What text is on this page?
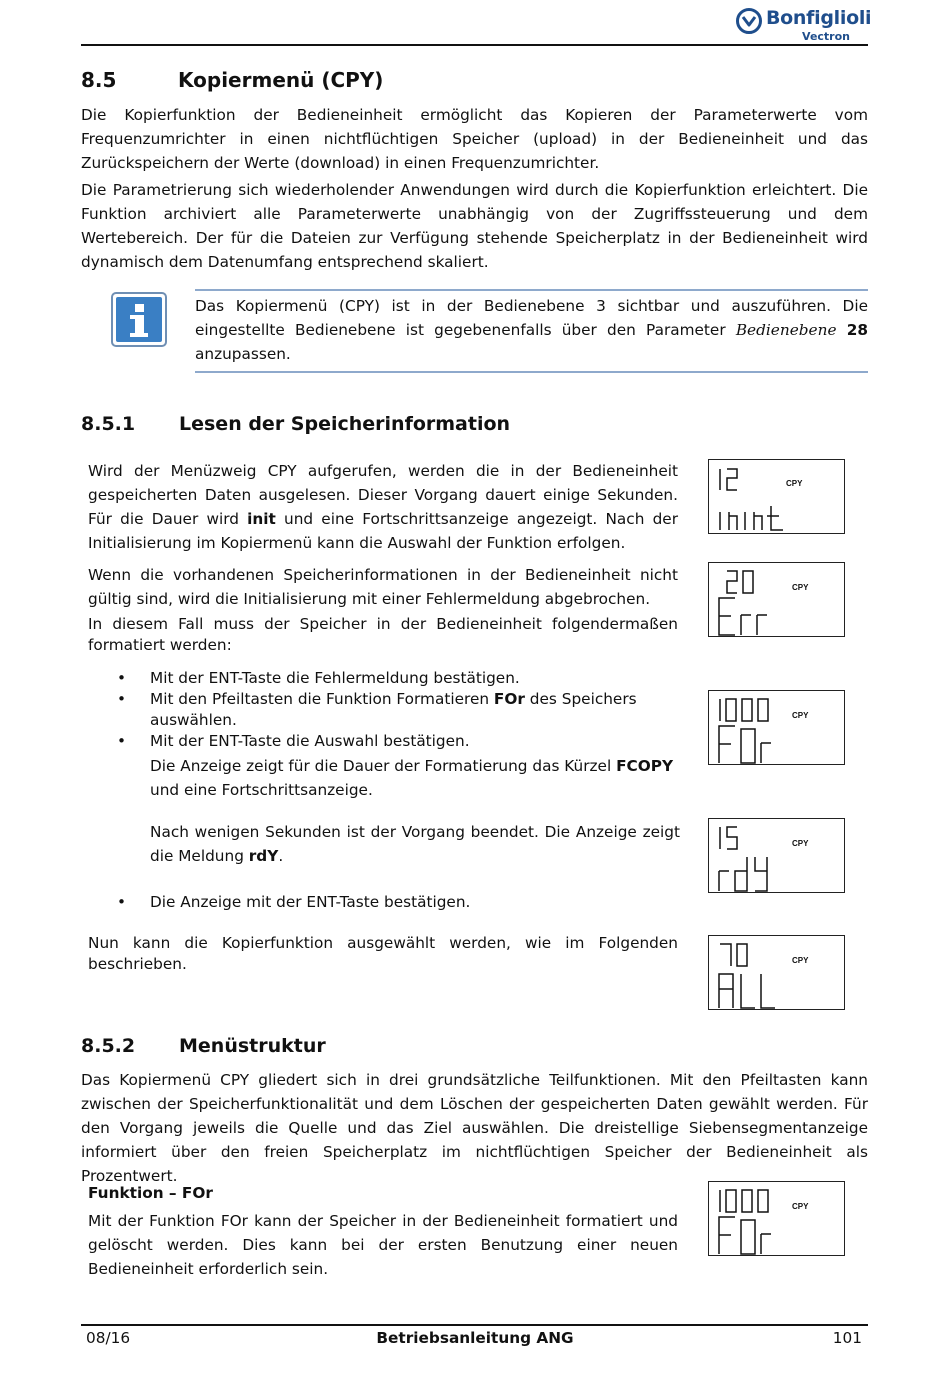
Bonfiglioli
Vectron
8.5	Kopiermenü (CPY)

Die Kopierfunktion der Bedieneinheit ermöglicht das Kopieren der Parameterwerte vom Frequenzumrichter in einen nichtflüchtigen Speicher (upload) in der Bedieneinheit und das Zurückspeichern der Werte (download) in einen Frequenzumrichter.

Die Parametrierung sich wiederholender Anwendungen wird durch die Kopierfunktion erleichtert. Die Funktion archiviert alle Parameterwerte unabhängig von der Zugriffssteuerung und dem Wertebereich. Der für die Dateien zur Verfügung stehende Speicherplatz in der Bedieneinheit wird dynamisch dem Datenumfang entsprechend skaliert.

Das Kopiermenü (CPY) ist in der Bedienebene 3 sichtbar und auszuführen. Die eingestellte Bedienebene ist gegebenenfalls über den Parameter Bedienebene 28 anzupassen.

8.5.1 Lesen der Speicherinformation

Wird der Menüzweig CPY aufgerufen, werden die in der Bedieneinheit gespeicherten Daten ausgelesen. Dieser Vorgang dauert einige Sekunden. Für die Dauer wird init und eine Fortschrittsanzeige angezeigt. Nach der Initialisierung im Kopiermenü kann die Auswahl der Funktion erfolgen.

Wenn die vorhandenen Speicherinformationen in der Bedieneinheit nicht gültig sind, wird die Initialisierung mit einer Fehlermeldung abgebrochen.

In diesem Fall muss der Speicher in der Bedieneinheit folgendermaßen formatiert werden:

• Mit der ENT-Taste die Fehlermeldung bestätigen.
• Mit den Pfeiltasten die Funktion Formatieren FOr des Speichers auswählen.
• Mit der ENT-Taste die Auswahl bestätigen.

Die Anzeige zeigt für die Dauer der Formatierung das Kürzel FCOPY und eine Fortschrittsanzeige.

Nach wenigen Sekunden ist der Vorgang beendet. Die Anzeige zeigt die Meldung rdY.

• Die Anzeige mit der ENT-Taste bestätigen.

Nun kann die Kopierfunktion ausgewählt werden, wie im Folgenden beschrieben.

8.5.2 Menüstruktur

Das Kopiermenü CPY gliedert sich in drei grundsätzliche Teilfunktionen. Mit den Pfeiltasten kann zwischen der Speicherfunktionalität und dem Löschen der gespeicherten Daten gewählt werden. Für den Vorgang jeweils die Quelle und das Ziel auswählen. Die dreistellige Siebensegmentanzeige informiert über den freien Speicherplatz im nichtflüchtigen Speicher der Bedieneinheit als Prozentwert.

Funktion – FOr

Mit der Funktion FOr kann der Speicher in der Bedieneinheit formatiert und gelöscht werden. Dies kann bei der ersten Benutzung einer neuen Bedieneinheit erforderlich sein.

CPY
CPY
CPY
CPY
CPY
CPY
08/16	Betriebsanleitung ANG	101
